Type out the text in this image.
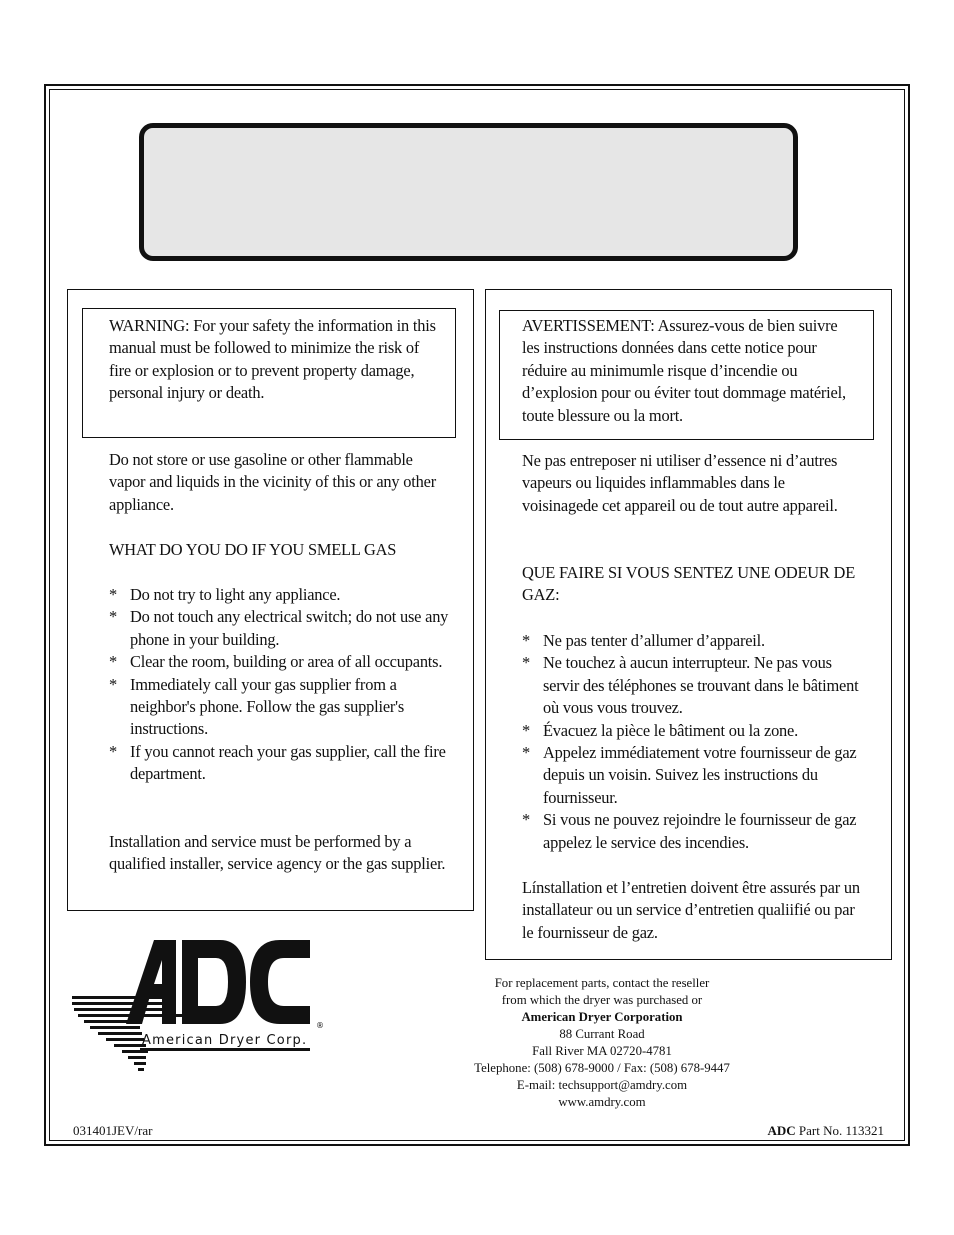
WARNING: For your safety the information in this manual must be followed to minimize the risk of fire or explosion or to prevent property damage, personal injury or death.
Do not store or use gasoline or other flammable vapor and liquids in the vicinity of this or any other appliance.
WHAT DO YOU DO IF YOU SMELL GAS
* Do not try to light any appliance.
* Do not touch any electrical switch; do not use any phone in your building.
* Clear the room, building or area of all occupants.
* Immediately call your gas supplier from a neighbor's phone. Follow the gas supplier's instructions.
* If you cannot reach your gas supplier, call the fire department.
Installation and service must be performed by a qualified installer, service agency or the gas supplier.
AVERTISSEMENT: Assurez-vous de bien suivre les instructions données dans cette notice pour réduire au minimumle risque d’incendie ou d’explosion pour ou éviter tout dommage matériel, toute blessure ou la mort.
Ne pas entreposer ni utiliser d’essence ni d’autres vapeurs ou liquides inflammables dans le voisinagede cet appareil ou de tout autre appareil.
QUE FAIRE SI VOUS SENTEZ UNE ODEUR DE GAZ:
* Ne pas tenter d’allumer d’appareil.
* Ne touchez à aucun interrupteur. Ne pas vous servir des téléphones se trouvant dans le bâtiment où vous vous trouvez.
* Évacuez la pièce le bâtiment ou la zone.
* Appelez immédiatement votre fournisseur de gaz depuis un voisin. Suivez les instructions du fournisseur.
* Si vous ne pouvez rejoindre le fournisseur de gaz appelez le service des incendies.
Línstallation et l’entretien doivent être assurés par un installateur ou un service d’entretien qualiifié ou par le fournisseur de gaz.
American Dryer Corp.
®
For replacement parts, contact the reseller
from which the dryer was purchased or
American Dryer Corporation
88 Currant Road
Fall River MA 02720-4781
Telephone: (508) 678-9000 / Fax: (508) 678-9447
E-mail: techsupport@amdry.com
www.amdry.com
031401JEV/rar	ADC Part No. 113321
